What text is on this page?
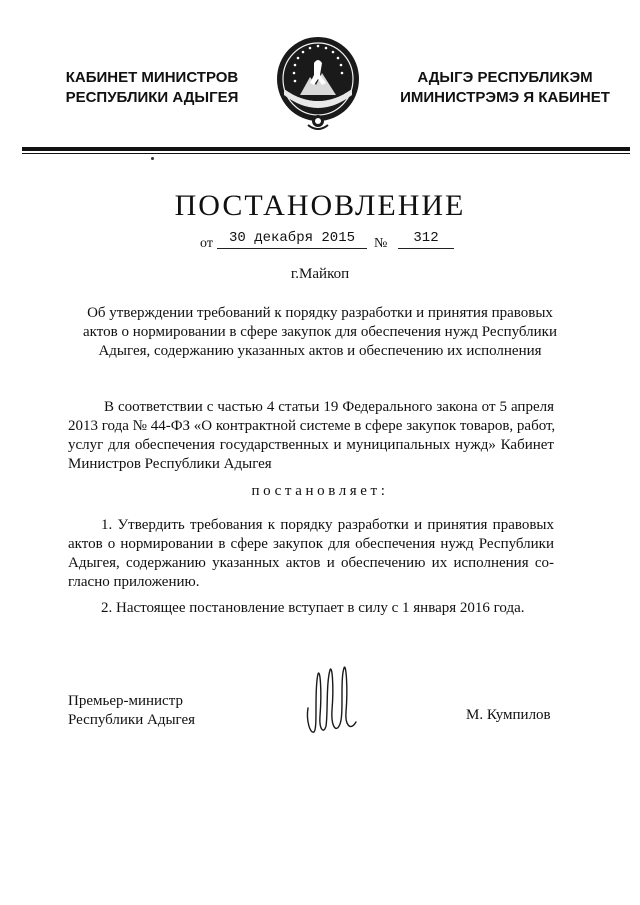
КАБИНЕТ МИНИСТРОВ
РЕСПУБЛИКИ АДЫГЕЯ
АДЫГЭ РЕСПУБЛИКЭМ
ИМИНИСТРЭМЭ Я КАБИНЕТ
ПОСТАНОВЛЕНИЕ
от	30 декабря 2015	№	312
г.Майкоп
Об утверждении требований к порядку разработки и принятия правовых актов о нормировании в сфере закупок для обеспечения нужд Республики Адыгея, содержанию указанных актов и обеспечению их исполнения
В соответствии с частью 4 статьи 19 Федерального закона от 5 апреля
2013 года № 44-ФЗ «О контрактной системе в сфере закупок товаров, работ,
услуг для обеспечения государственных и муниципальных нужд» Кабинет
Министров Республики Адыгея
постановляет:
1. Утвердить требования к порядку разработки и принятия правовых
актов о нормировании в сфере закупок для обеспечения нужд Республики
Адыгея, содержанию указанных актов и обеспечению их исполнения со-
гласно приложению.
2. Настоящее постановление вступает в силу с 1 января 2016 года.
Премьер-министр
Республики Адыгея	М. Кумпилов
